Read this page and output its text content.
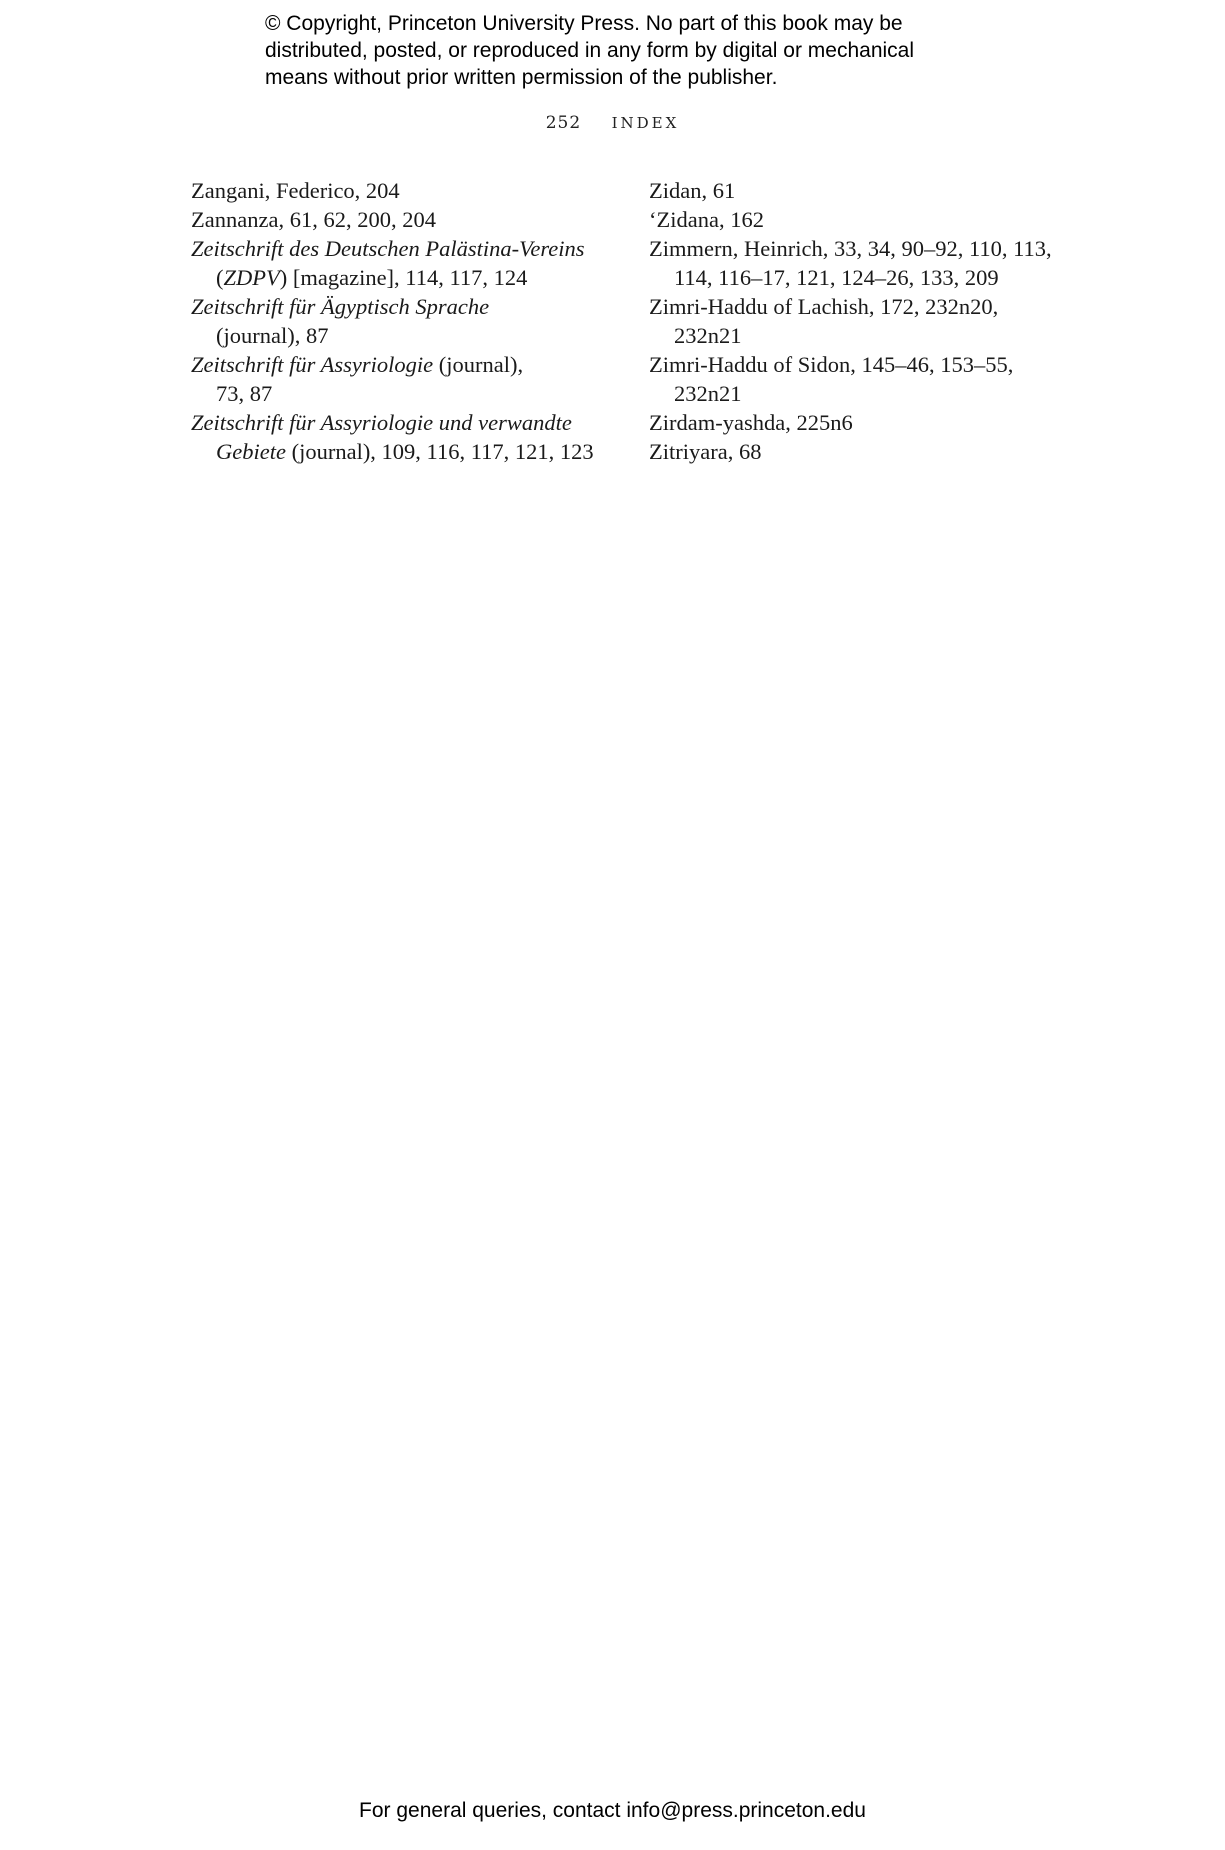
© Copyright, Princeton University Press. No part of this book may be
distributed, posted, or reproduced in any form by digital or mechanical
means without prior written permission of the publisher.
252 INDEX
Zangani, Federico, 204
Zannanza, 61, 62, 200, 204
Zeitschrift des Deutschen Palästina-Vereins
(ZDPV) [magazine], 114, 117, 124
Zeitschrift für Ägyptisch Sprache
(journal), 87
Zeitschrift für Assyriologie (journal),
73, 87
Zeitschrift für Assyriologie und verwandte
Gebiete (journal), 109, 116, 117, 121, 123
Zidan, 61
‘Zidana, 162
Zimmern, Heinrich, 33, 34, 90–92, 110, 113,
114, 116–17, 121, 124–26, 133, 209
Zimri-Haddu of Lachish, 172, 232n20,
232n21
Zimri-Haddu of Sidon, 145–46, 153–55,
232n21
Zirdam-yashda, 225n6
Zitriyara, 68
For general queries, contact info@press.princeton.edu
